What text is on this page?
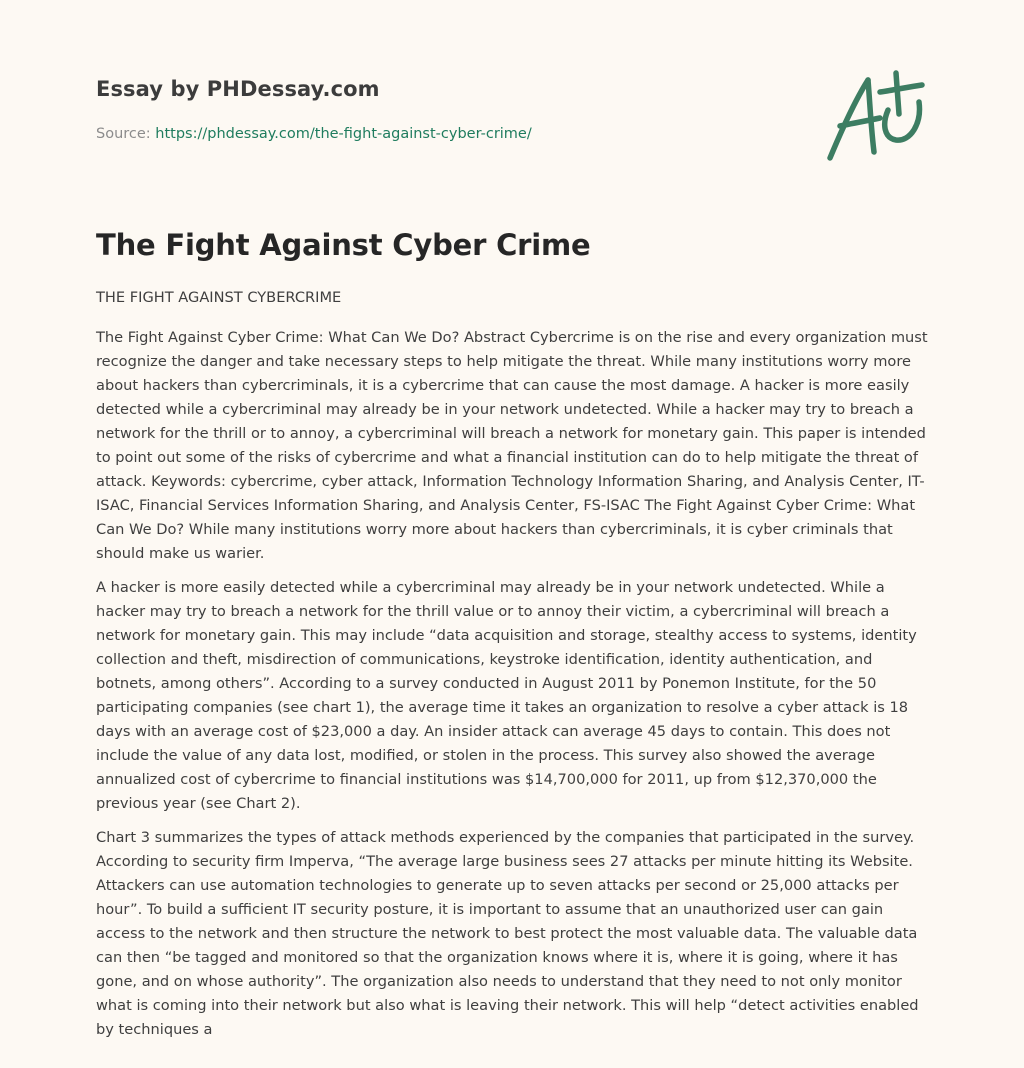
Essay by PHDessay.com
Source: https://phdessay.com/the-fight-against-cyber-crime/
The Fight Against Cyber Crime

THE FIGHT AGAINST CYBERCRIME

The Fight Against Cyber Crime: What Can We Do? Abstract Cybercrime is on the rise and every organization must recognize the danger and take necessary steps to help mitigate the threat. While many institutions worry more about hackers than cybercriminals, it is a cybercrime that can cause the most damage. A hacker is more easily detected while a cybercriminal may already be in your network undetected. While a hacker may try to breach a network for the thrill or to annoy, a cybercriminal will breach a network for monetary gain. This paper is intended to point out some of the risks of cybercrime and what a financial institution can do to help mitigate the threat of attack. Keywords: cybercrime, cyber attack, Information Technology Information Sharing, and Analysis Center, IT-ISAC, Financial Services Information Sharing, and Analysis Center, FS-ISAC The Fight Against Cyber Crime: What Can We Do? While many institutions worry more about hackers than cybercriminals, it is cyber criminals that should make us warier.

A hacker is more easily detected while a cybercriminal may already be in your network undetected. While a hacker may try to breach a network for the thrill value or to annoy their victim, a cybercriminal will breach a network for monetary gain. This may include “data acquisition and storage, stealthy access to systems, identity collection and theft, misdirection of communications, keystroke identification, identity authentication, and botnets, among others”. According to a survey conducted in August 2011 by Ponemon Institute, for the 50 participating companies (see chart 1), the average time it takes an organization to resolve a cyber attack is 18 days with an average cost of $23,000 a day. An insider attack can average 45 days to contain. This does not include the value of any data lost, modified, or stolen in the process. This survey also showed the average annualized cost of cybercrime to financial institutions was $14,700,000 for 2011, up from $12,370,000 the previous year (see Chart 2).

Chart 3 summarizes the types of attack methods experienced by the companies that participated in the survey. According to security firm Imperva, “The average large business sees 27 attacks per minute hitting its Website. Attackers can use automation technologies to generate up to seven attacks per second or 25,000 attacks per hour”. To build a sufficient IT security posture, it is important to assume that an unauthorized user can gain access to the network and then structure the network to best protect the most valuable data. The valuable data can then “be tagged and monitored so that the organization knows where it is, where it is going, where it has gone, and on whose authority”. The organization also needs to understand that they need to not only monitor what is coming into their network but also what is leaving their network. This will help “detect activities enabled by techniques a
